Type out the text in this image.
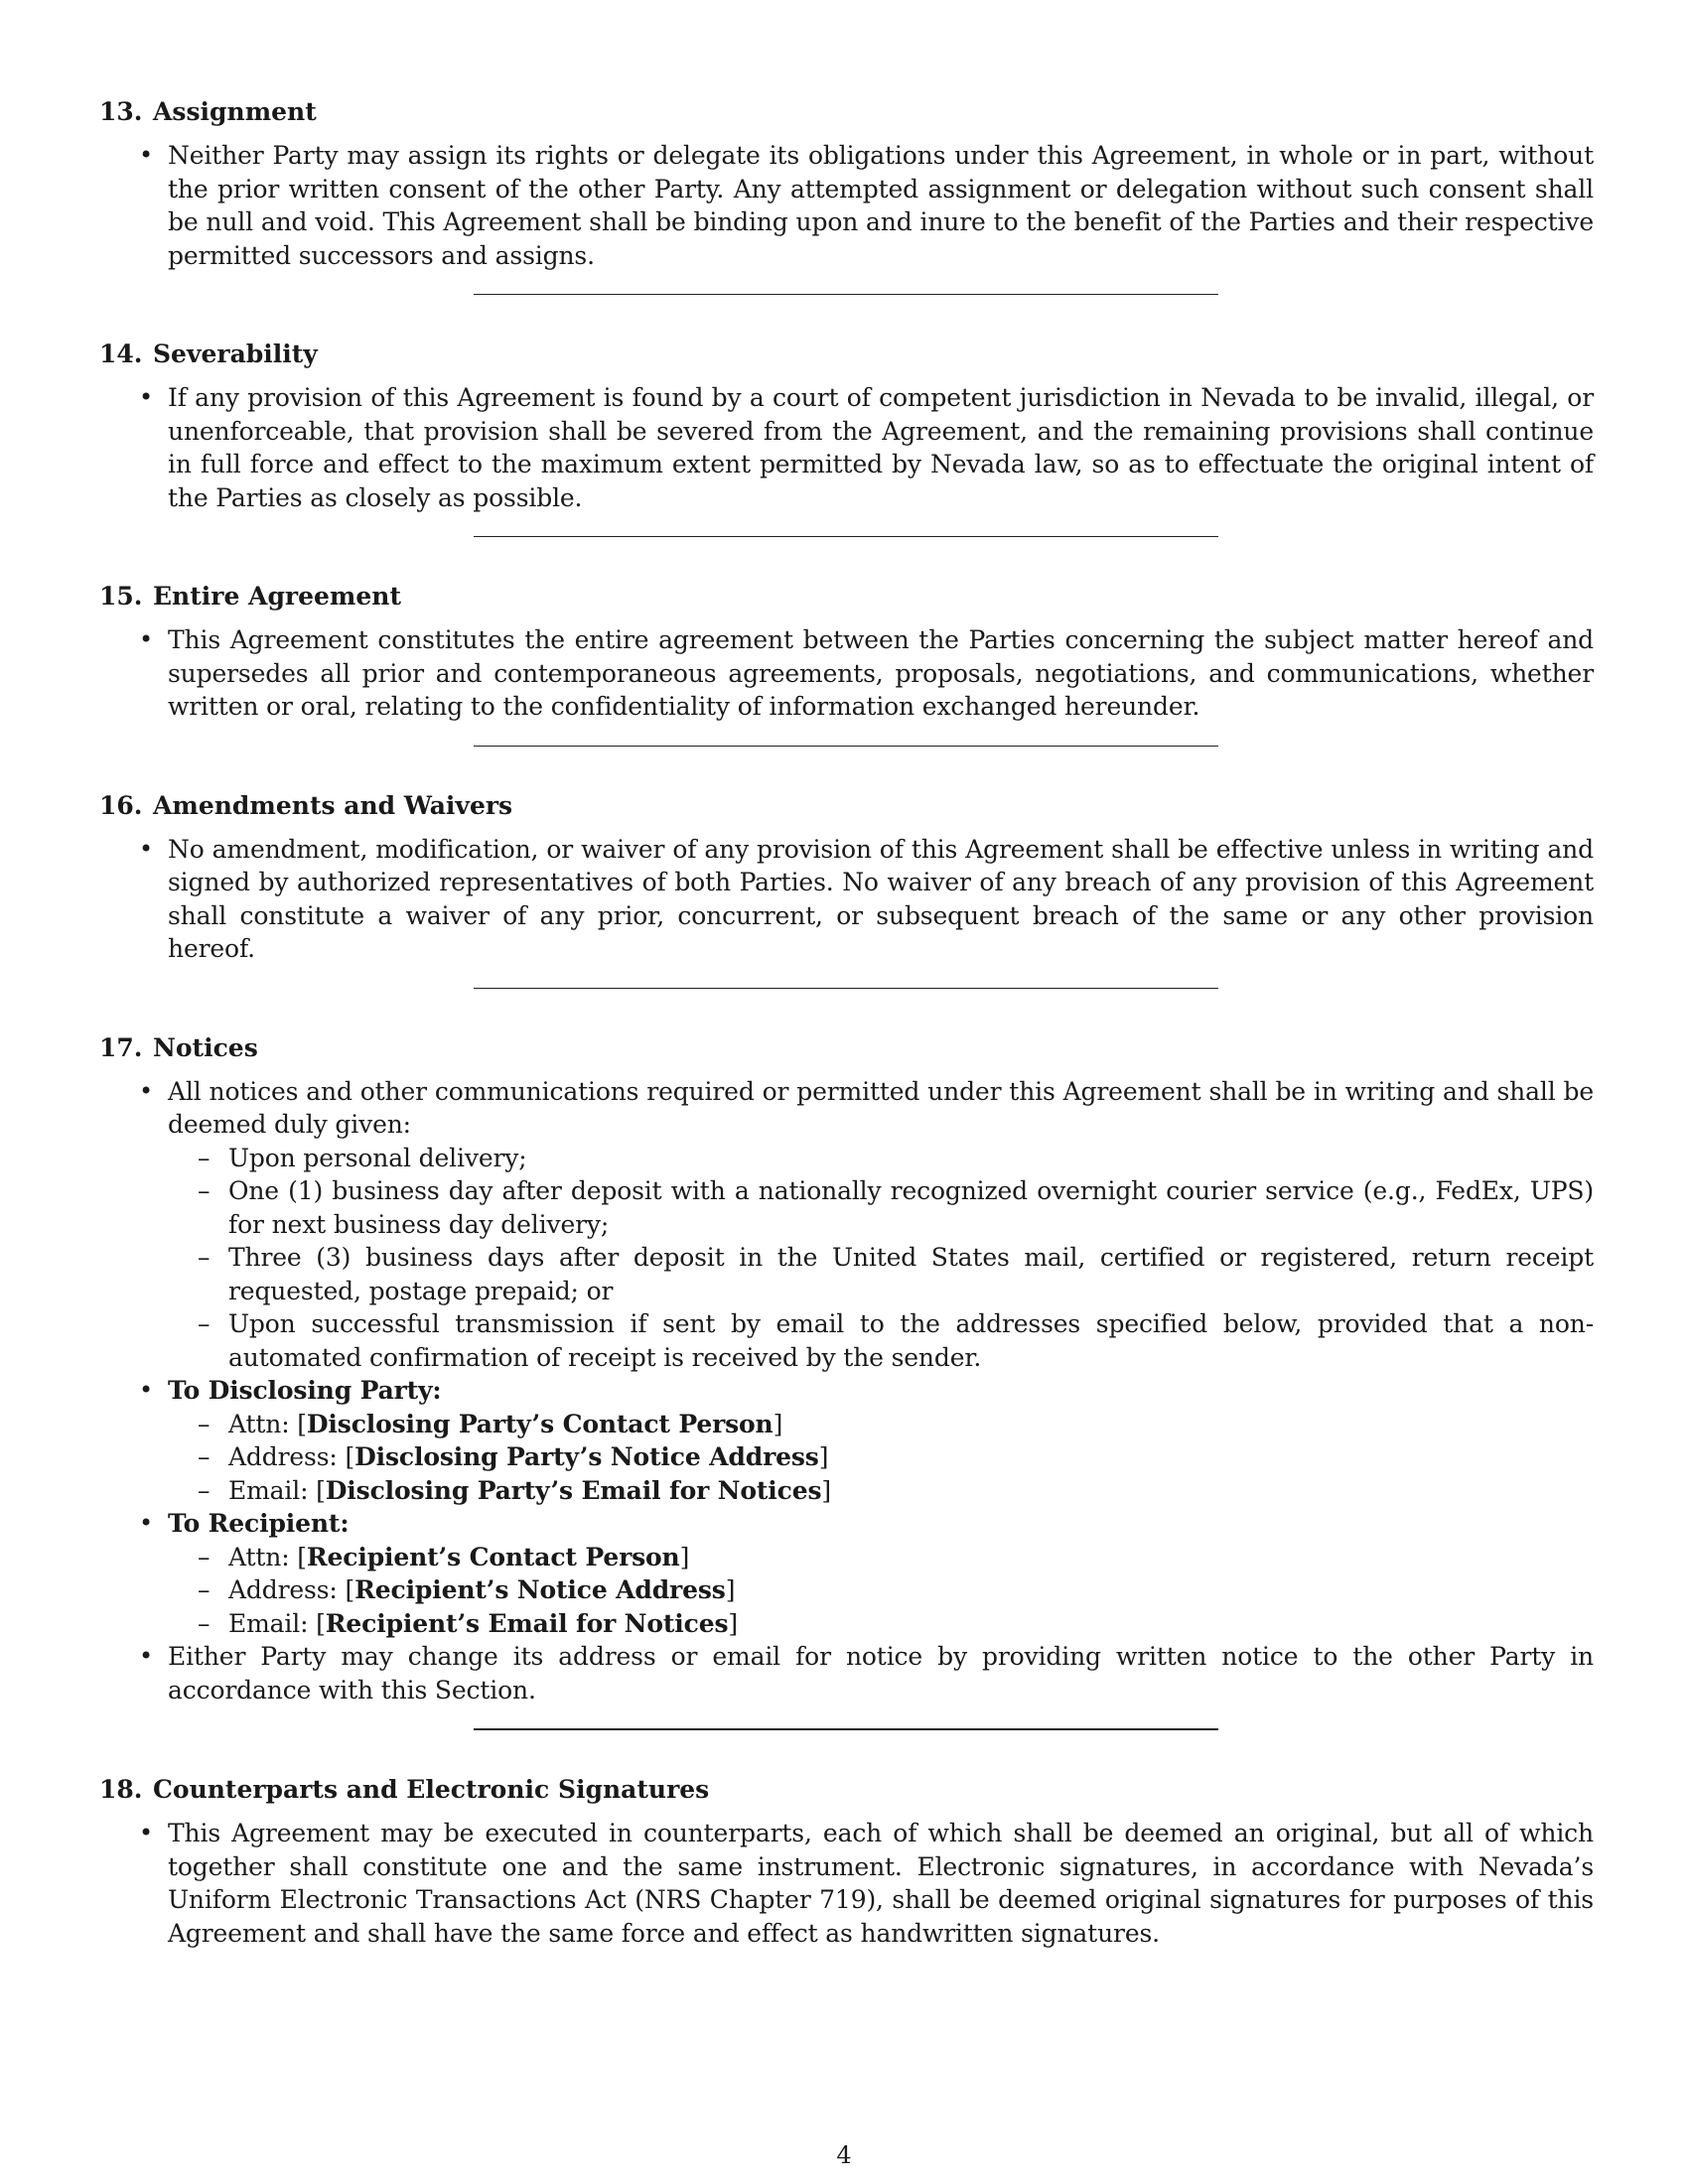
13. Assignment
• Neither Party may assign its rights or delegate its obligations under this Agreement, in whole or in part, without the prior written consent of the other Party. Any attempted assignment or delegation without such consent shall be null and void. This Agreement shall be binding upon and inure to the benefit of the Parties and their respective permitted successors and assigns.
14. Severability
• If any provision of this Agreement is found by a court of competent jurisdiction in Nevada to be invalid, illegal, or unenforceable, that provision shall be severed from the Agreement, and the remaining provisions shall continue in full force and effect to the maximum extent permitted by Nevada law, so as to effectuate the original intent of the Parties as closely as possible.
15. Entire Agreement
• This Agreement constitutes the entire agreement between the Parties concerning the subject matter hereof and supersedes all prior and contemporaneous agreements, proposals, negotiations, and communications, whether written or oral, relating to the confidentiality of information exchanged hereunder.
16. Amendments and Waivers
• No amendment, modification, or waiver of any provision of this Agreement shall be effective unless in writing and signed by authorized representatives of both Parties. No waiver of any breach of any provision of this Agreement shall constitute a waiver of any prior, concurrent, or subsequent breach of the same or any other provision hereof.
17. Notices
• All notices and other communications required or permitted under this Agreement shall be in writing and shall be deemed duly given:
– Upon personal delivery;
– One (1) business day after deposit with a nationally recognized overnight courier service (e.g., FedEx, UPS) for next business day delivery;
– Three (3) business days after deposit in the United States mail, certified or registered, return receipt requested, postage prepaid; or
– Upon successful transmission if sent by email to the addresses specified below, provided that a non-automated confirmation of receipt is received by the sender.
• To Disclosing Party:
– Attn: [Disclosing Party’s Contact Person]
– Address: [Disclosing Party’s Notice Address]
– Email: [Disclosing Party’s Email for Notices]
• To Recipient:
– Attn: [Recipient’s Contact Person]
– Address: [Recipient’s Notice Address]
– Email: [Recipient’s Email for Notices]
• Either Party may change its address or email for notice by providing written notice to the other Party in accordance with this Section.
18. Counterparts and Electronic Signatures
• This Agreement may be executed in counterparts, each of which shall be deemed an original, but all of which together shall constitute one and the same instrument. Electronic signatures, in accordance with Nevada’s Uniform Electronic Transactions Act (NRS Chapter 719), shall be deemed original signatures for purposes of this Agreement and shall have the same force and effect as handwritten signatures.
4
